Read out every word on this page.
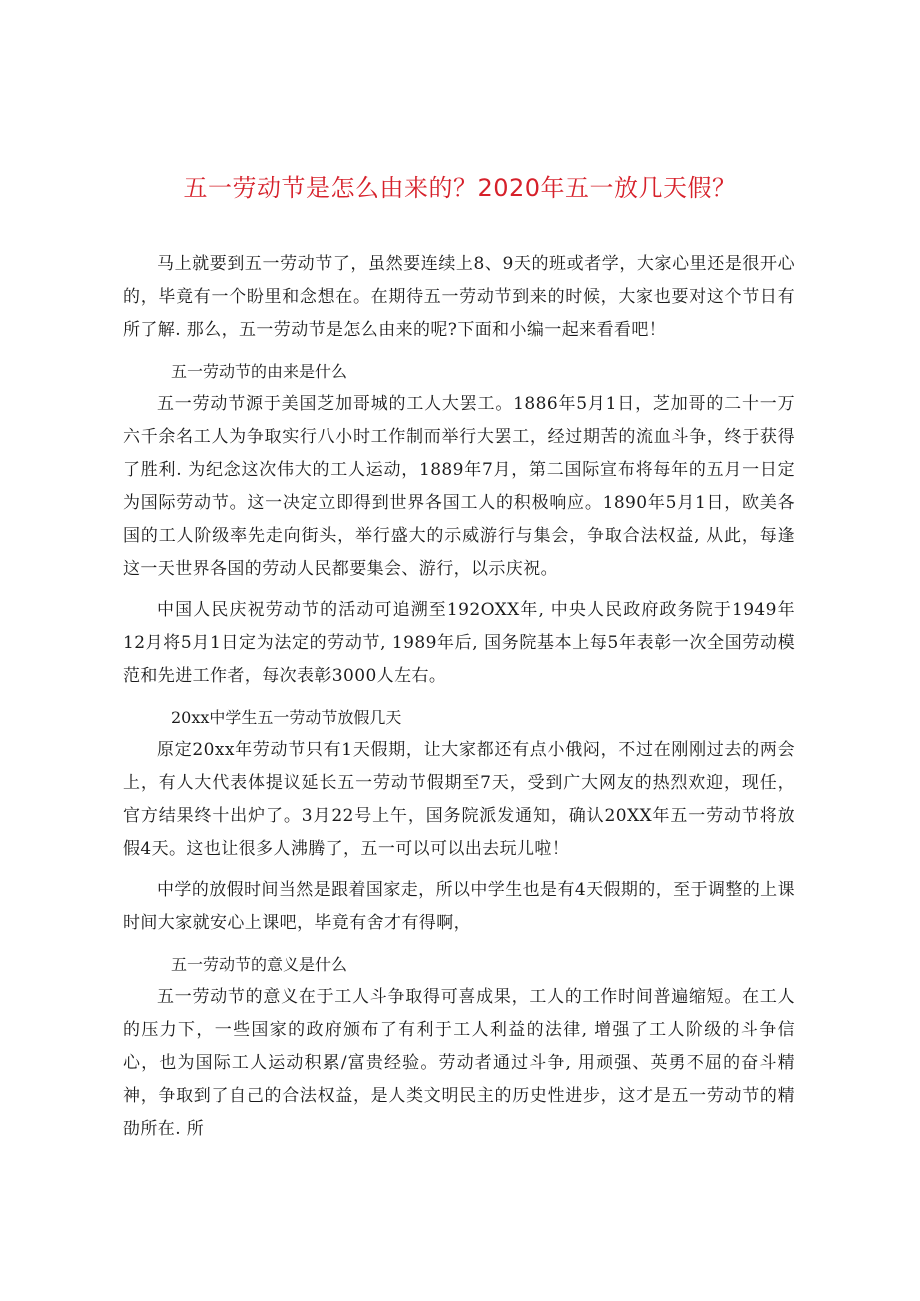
五一劳动节是怎么由来的？2020年五一放几天假？

马上就要到五一劳动节了，虽然要连续上8、9天的班或者学，大家心里还是很开心的，毕竟有一个盼里和念想在。在期待五一劳动节到来的时候，大家也要对这个节日有所了解. 那么，五一劳动节是怎么由来的呢?下面和小编一起来看看吧！

五一劳动节的由来是什么

五一劳动节源于美国芝加哥城的工人大罢工。1886年5月1日，芝加哥的二十一万六千余名工人为争取实行八小时工作制而举行大罢工，经过期苦的流血斗争，终于获得了胜利. 为纪念这次伟大的工人运动，1889年7月，第二国际宣布将每年的五月一日定为国际劳动节。这一决定立即得到世界各国工人的积极响应。1890年5月1日，欧美各国的工人阶级率先走向街头，举行盛大的示威游行与集会，争取合法权益, 从此，每逢这一天世界各国的劳动人民都要集会、游行，以示庆祝。

中国人民庆祝劳动节的活动可追溯至192OXX年, 中央人民政府政务院于1949年12月将5月1日定为法定的劳动节, 1989年后, 国务院基本上每5年表彰一次全国劳动模范和先进工作者，每次表彰3000人左右。

20xx中学生五一劳动节放假几天

原定20xx年劳动节只有1天假期，让大家都还有点小俄闷，不过在刚刚过去的两会上，有人大代表体提议延长五一劳动节假期至7天，受到广大网友的热烈欢迎，现任，官方结果终十出炉了。3月22号上午，国务院派发通知，确认20XX年五一劳动节将放假4天。这也让很多人沸腾了，五一可以可以出去玩儿啦！

中学的放假时间当然是跟着国家走，所以中学生也是有4天假期的，至于调整的上课时间大家就安心上课吧，毕竟有舍才有得啊，

五一劳动节的意义是什么

五一劳动节的意义在于工人斗争取得可喜成果，工人的工作时间普遍缩短。在工人的压力下，一些国家的政府颁布了有利于工人利益的法律, 增强了工人阶级的斗争信心，也为国际工人运动积累/富贵经验。劳动者通过斗争, 用顽强、英勇不屈的奋斗精神，争取到了自己的合法权益，是人类文明民主的历史性进步，这才是五一劳动节的精劭所在. 所
